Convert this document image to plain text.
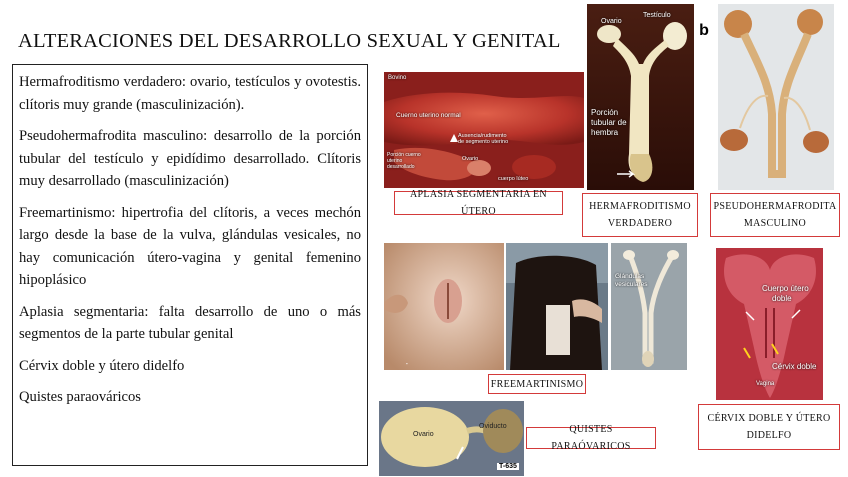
ALTERACIONES DEL DESARROLLO SEXUAL Y GENITAL

Hermafroditismo verdadero: ovario, testículos y ovotestis. clítoris muy grande (masculinización).

Pseudohermafrodita masculino: desarrollo de la porción tubular del testículo y epidídimo desarrollado. Clítoris muy desarrollado (masculinización)

Freemartinismo: hipertrofia del clítoris, a veces mechón largo desde la base de la vulva, glándulas vesicales, no hay comunicación útero-vagina y genital femenino hipoplásico

Aplasia segmentaria: falta desarrollo de uno o más segmentos de la parte tubular genital

Cérvix doble y útero didelfo

Quistes paraováricos

Bovino
Cuerno uterino normal
Ausencia/rudimento
de segmento uterino
Porción cuerno
uterino
desarrollado
Ovario
cuerpo lúteo
APLASIA SEGMENTARIA EN ÚTERO
Ovario
Testículo
Porción
tubular de
hembra
HERMAFRODITISMO
VERDADERO
b
PSEUDOHERMAFRODITA
MASCULINO
▪
Glándulas
vesiculares
FREEMARTINISMO
Cuerpo útero
doble
Cérvix doble
Vagina
CÉRVIX DOBLE Y ÚTERO
DIDELFO
Ovario
Oviducto
T-635
QUISTES PARAÓVARICOS
